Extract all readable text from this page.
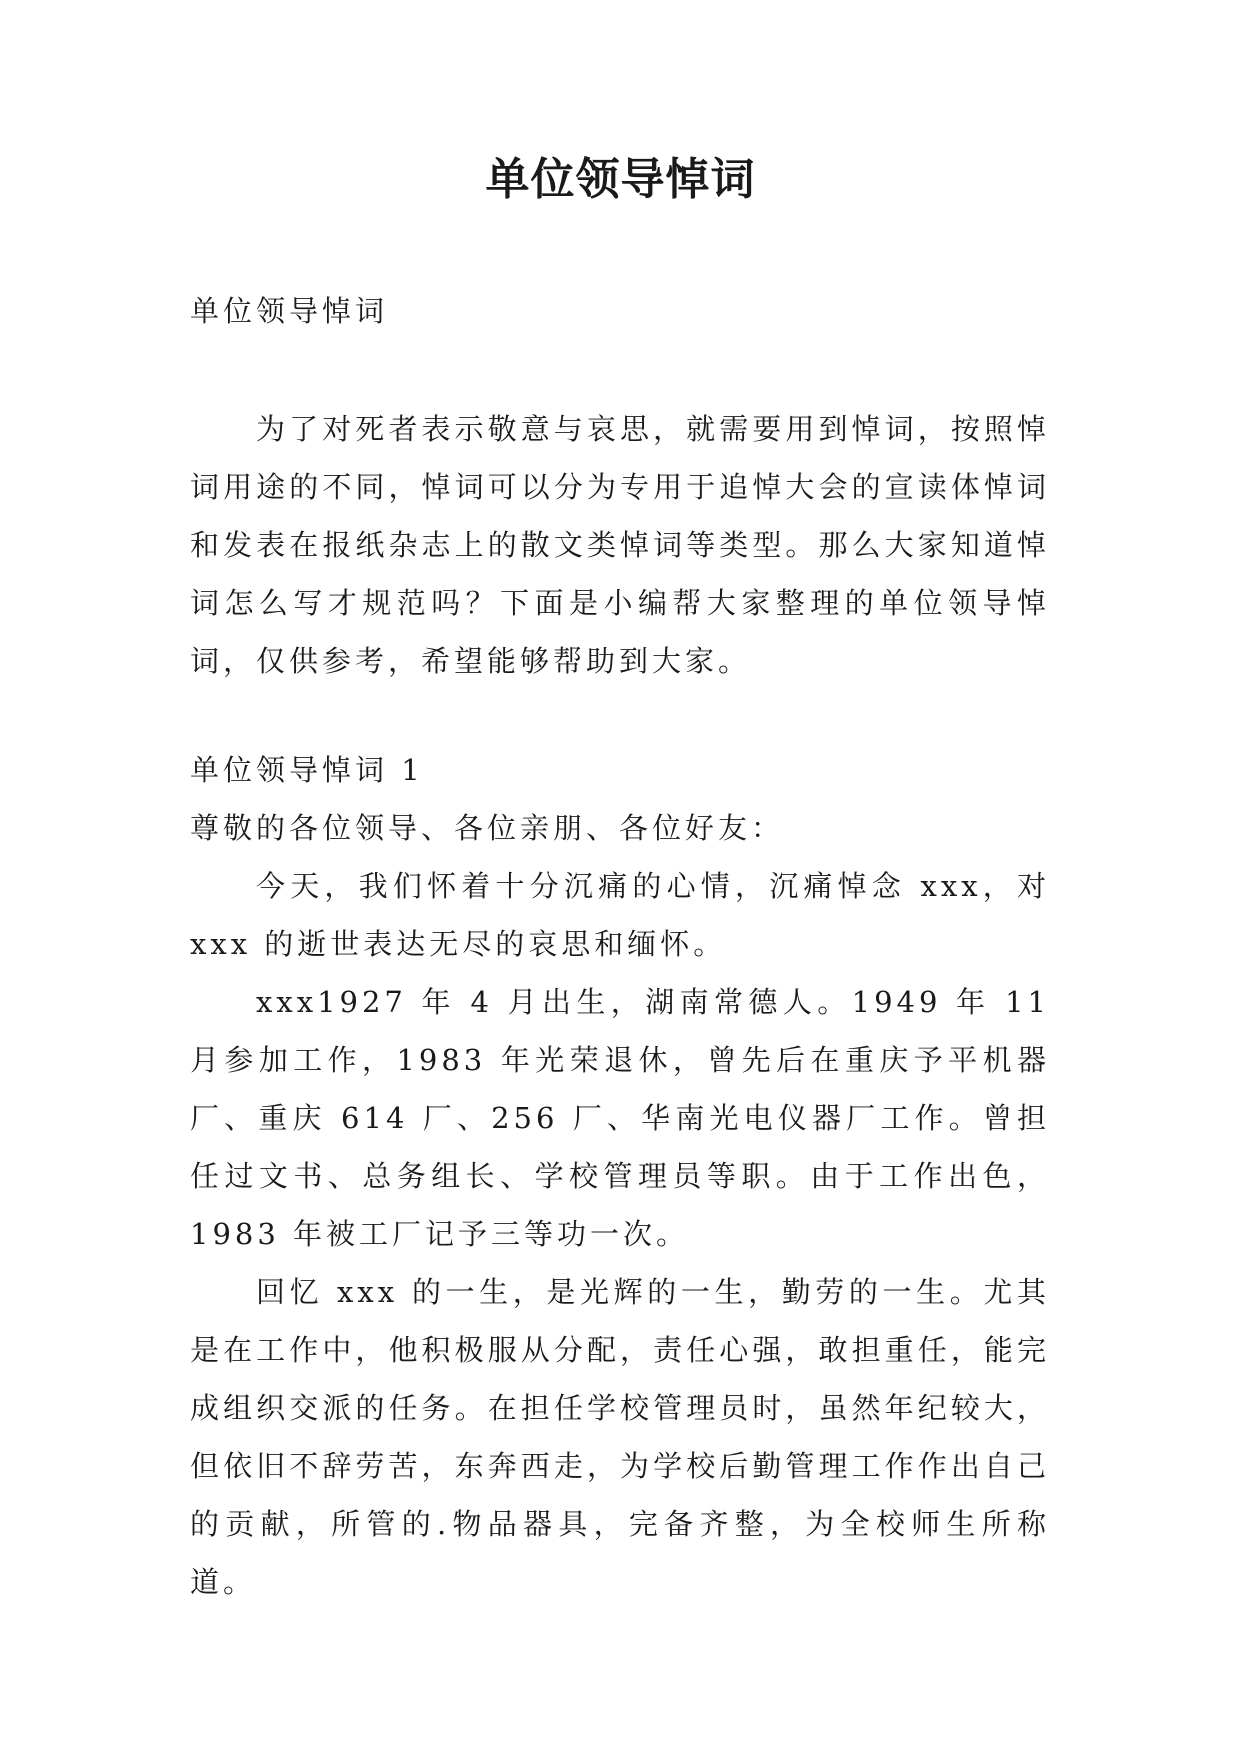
单位领导悼词

单位领导悼词

为了对死者表示敬意与哀思，就需要用到悼词，按照悼词用途的不同，悼词可以分为专用于追悼大会的宣读体悼词和发表在报纸杂志上的散文类悼词等类型。那么大家知道悼词怎么写才规范吗？下面是小编帮大家整理的单位领导悼词，仅供参考，希望能够帮助到大家。

单位领导悼词 1

尊敬的各位领导、各位亲朋、各位好友：

今天，我们怀着十分沉痛的心情，沉痛悼念 xxx，对 xxx 的逝世表达无尽的哀思和缅怀。

xxx1927 年 4 月出生，湖南常德人。1949 年 11 月参加工作，1983 年光荣退休，曾先后在重庆予平机器厂、重庆 614 厂、256 厂、华南光电仪器厂工作。曾担任过文书、总务组长、学校管理员等职。由于工作出色，1983 年被工厂记予三等功一次。

回忆 xxx 的一生，是光辉的一生，勤劳的一生。尤其是在工作中，他积极服从分配，责任心强，敢担重任，能完成组织交派的任务。在担任学校管理员时，虽然年纪较大，但依旧不辞劳苦，东奔西走，为学校后勤管理工作作出自己的贡献，所管的.物品器具，完备齐整，为全校师生所称道。
